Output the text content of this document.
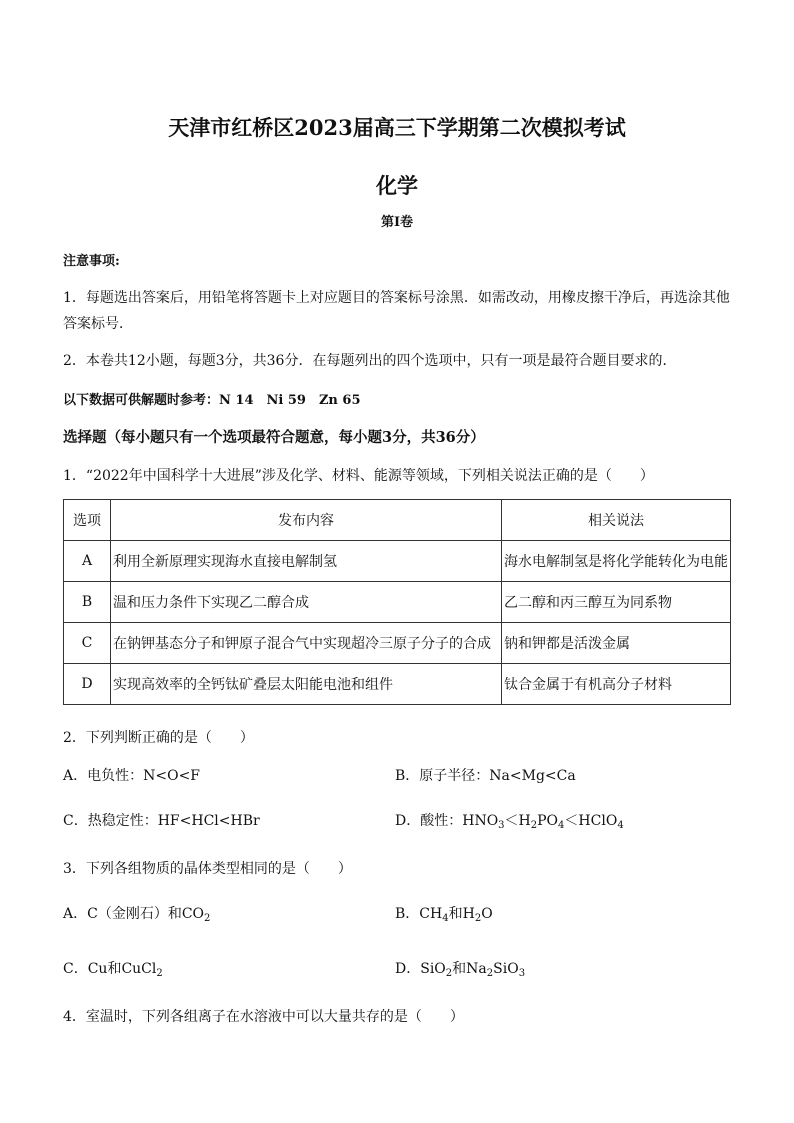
天津市红桥区2023届高三下学期第二次模拟考试
化学
第Ⅰ卷
注意事项:
1．每题选出答案后，用铅笔将答题卡上对应题目的答案标号涂黑．如需改动，用橡皮擦干净后，再选涂其他
答案标号．
2．本卷共12小题，每题3分，共36分．在每题列出的四个选项中，只有一项是最符合题目要求的．
以下数据可供解题时参考：N 14　Ni 59　Zn 65
选择题（每小题只有一个选项最符合题意，每小题3分，共36分）
1．“2022年中国科学十大进展”涉及化学、材料、能源等领域，下列相关说法正确的是（　　）
选项	发布内容	相关说法
A	利用全新原理实现海水直接电解制氢	海水电解制氢是将化学能转化为电能
B	温和压力条件下实现乙二醇合成	乙二醇和丙三醇互为同系物
C	在钠钾基态分子和钾原子混合气中实现超冷三原子分子的合成	钠和钾都是活泼金属
D	实现高效率的全钙钛矿叠层太阳能电池和组件	钛合金属于有机高分子材料
2．下列判断正确的是（　　）
A．电负性：N<O<F	B．原子半径：Na<Mg<Ca
C．热稳定性：HF<HCl<HBr	D．酸性：$HNO_3<H_2PO_4<HClO_4$
3．下列各组物质的晶体类型相同的是（　　）
A．C（金刚石）和$CO_2$	B．$CH_4$和$H_2O$
C．Cu和CuCl$_2$	D．SiO$_2$和$Na_2SiO_3$
4．室温时，下列各组离子在水溶液中可以大量共存的是（　　）
